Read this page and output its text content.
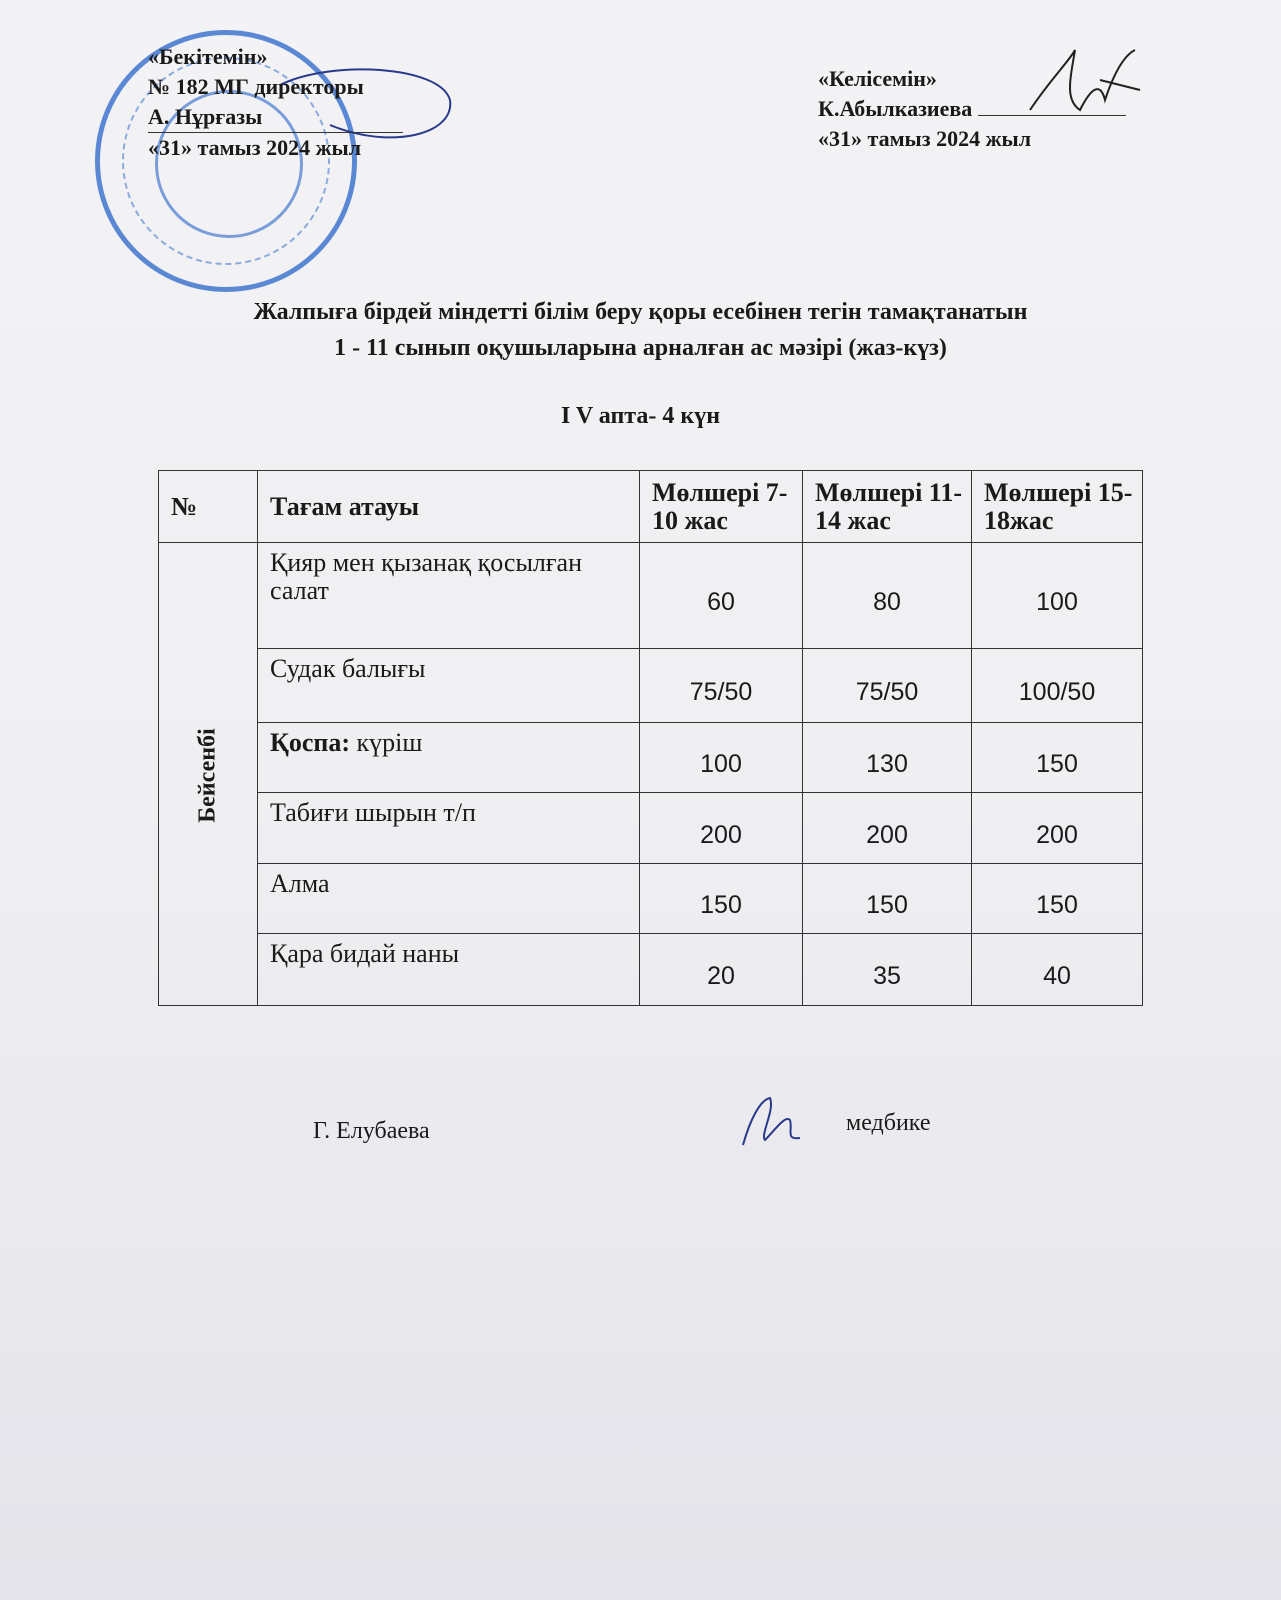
«Бекітемін»
№ 182 МГ директоры
А. Нұрғазы
«31» тамыз 2024 жыл
«Келісемін»
К.Абылказиева
«31» тамыз 2024 жыл
Жалпыға бірдей міндетті білім беру қоры есебінен тегін тамақтанатын
1 - 11 сынып оқушыларына арналған ас мәзірі (жаз-күз)
I V апта- 4 күн
№	Тағам атауы	Мөлшері 7-10 жас	Мөлшері 11-14 жас	Мөлшері 15-18жас
Бейсенбі	Қияр мен қызанақ қосылған салат	60	80	100
	Судак балығы	75/50	75/50	100/50
	Қоспа: күріш	100	130	150
	Табиғи шырын т/п	200	200	200
	Алма	150	150	150
	Қара бидай наны	20	35	40
Г. Елубаева	медбике
